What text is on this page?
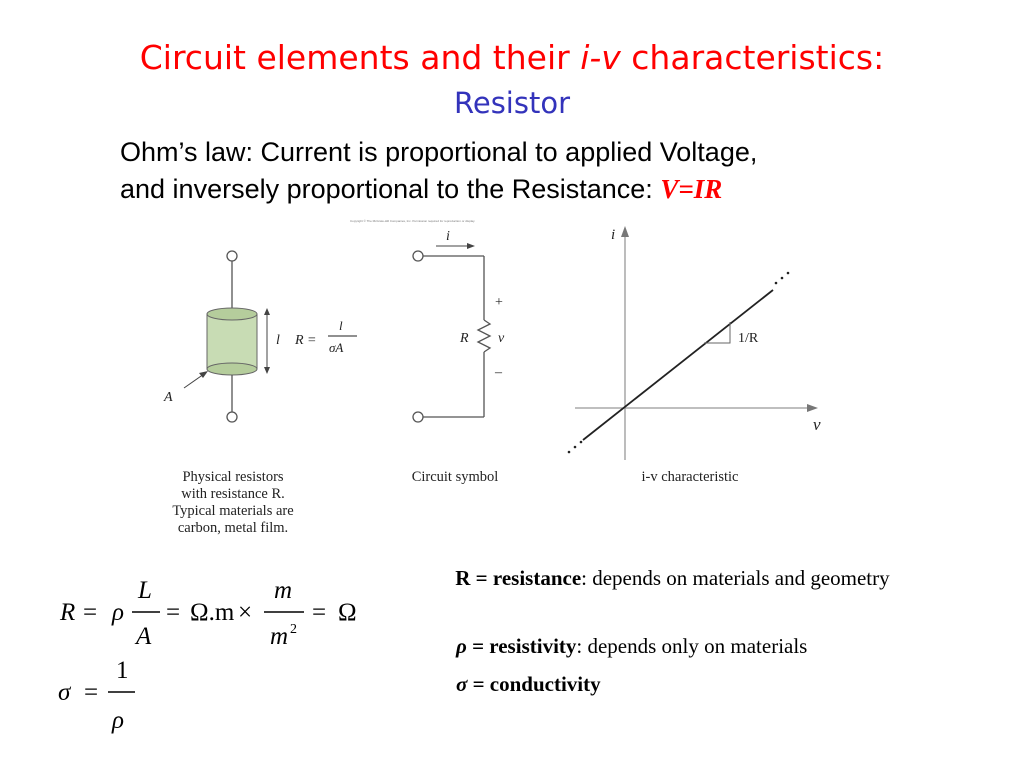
Circuit elements and their i-v characteristics:
Resistor
Ohm’s law: Current is proportional to applied Voltage,
and inversely proportional to the Resistance: V=IR
Copyright © The McGraw-Hill Companies, Inc. Permission required for reproduction or display.
l
A
R =
l
σA
i
+
–
R v
i
v
1/R
Physical resistors
with resistance R.
Typical materials are
carbon, metal film.
Circuit symbol	i-v characteristic
R = ρ
L
A
= Ω.m ×
m
m 2
= Ω
σ =
1
ρ
R = resistance: depends on materials and geometry
ρ = resistivity: depends only on materials
σ = conductivity
